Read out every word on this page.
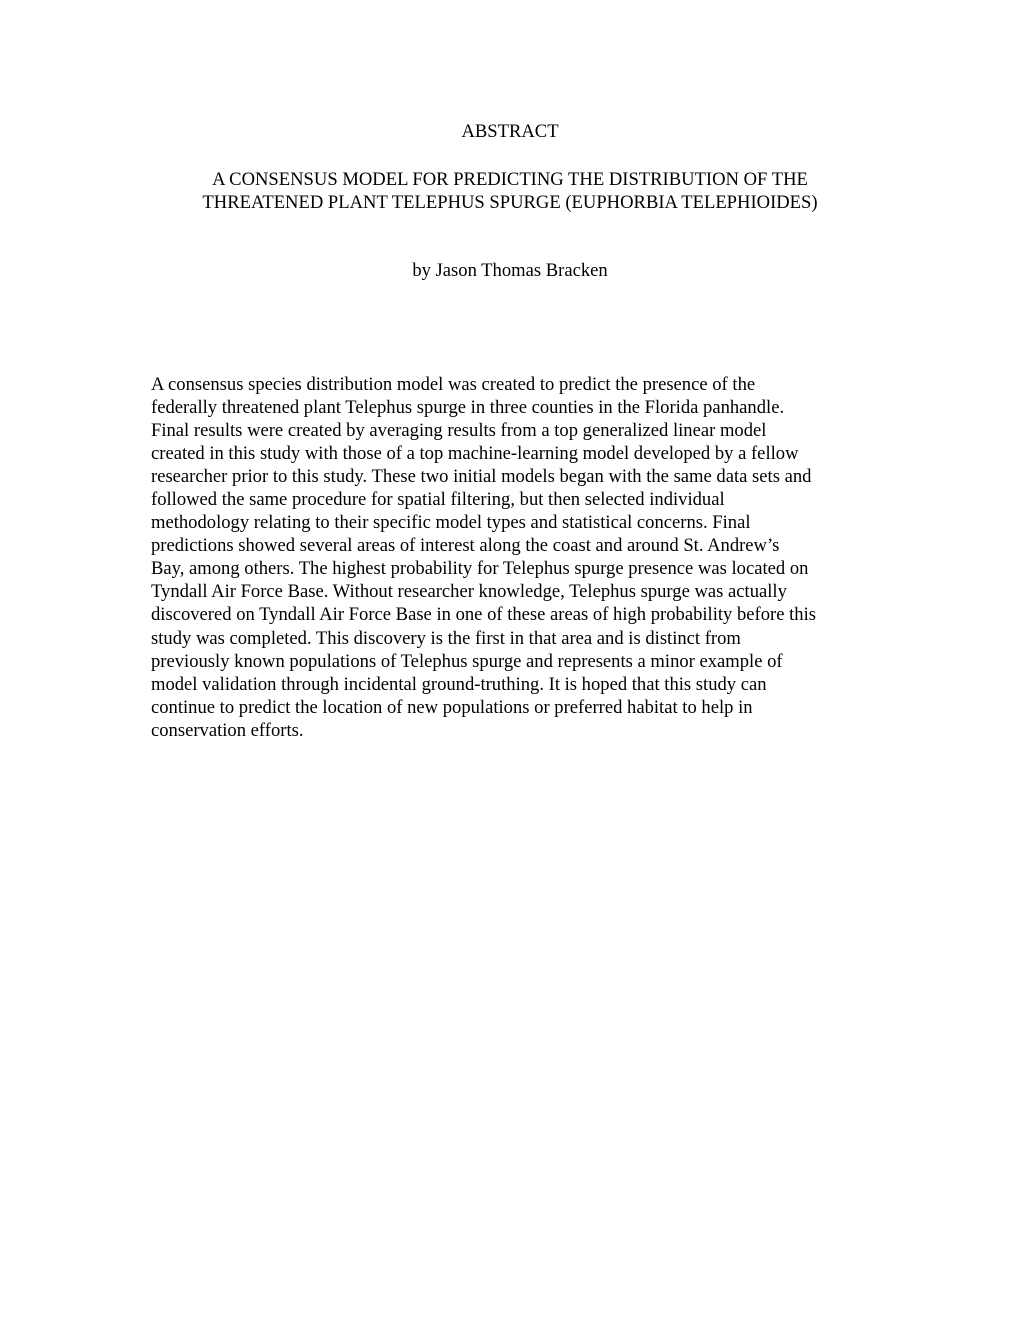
ABSTRACT
A CONSENSUS MODEL FOR PREDICTING THE DISTRIBUTION OF THE
THREATENED PLANT TELEPHUS SPURGE (EUPHORBIA TELEPHIOIDES)

by Jason Thomas Bracken

A consensus species distribution model was created to predict the presence of the
federally threatened plant Telephus spurge in three counties in the Florida panhandle.
Final results were created by averaging results from a top generalized linear model
created in this study with those of a top machine-learning model developed by a fellow
researcher prior to this study. These two initial models began with the same data sets and
followed the same procedure for spatial filtering, but then selected individual
methodology relating to their specific model types and statistical concerns. Final
predictions showed several areas of interest along the coast and around St. Andrew’s
Bay, among others. The highest probability for Telephus spurge presence was located on
Tyndall Air Force Base. Without researcher knowledge, Telephus spurge was actually
discovered on Tyndall Air Force Base in one of these areas of high probability before this
study was completed. This discovery is the first in that area and is distinct from
previously known populations of Telephus spurge and represents a minor example of
model validation through incidental ground-truthing. It is hoped that this study can
continue to predict the location of new populations or preferred habitat to help in
conservation efforts.
